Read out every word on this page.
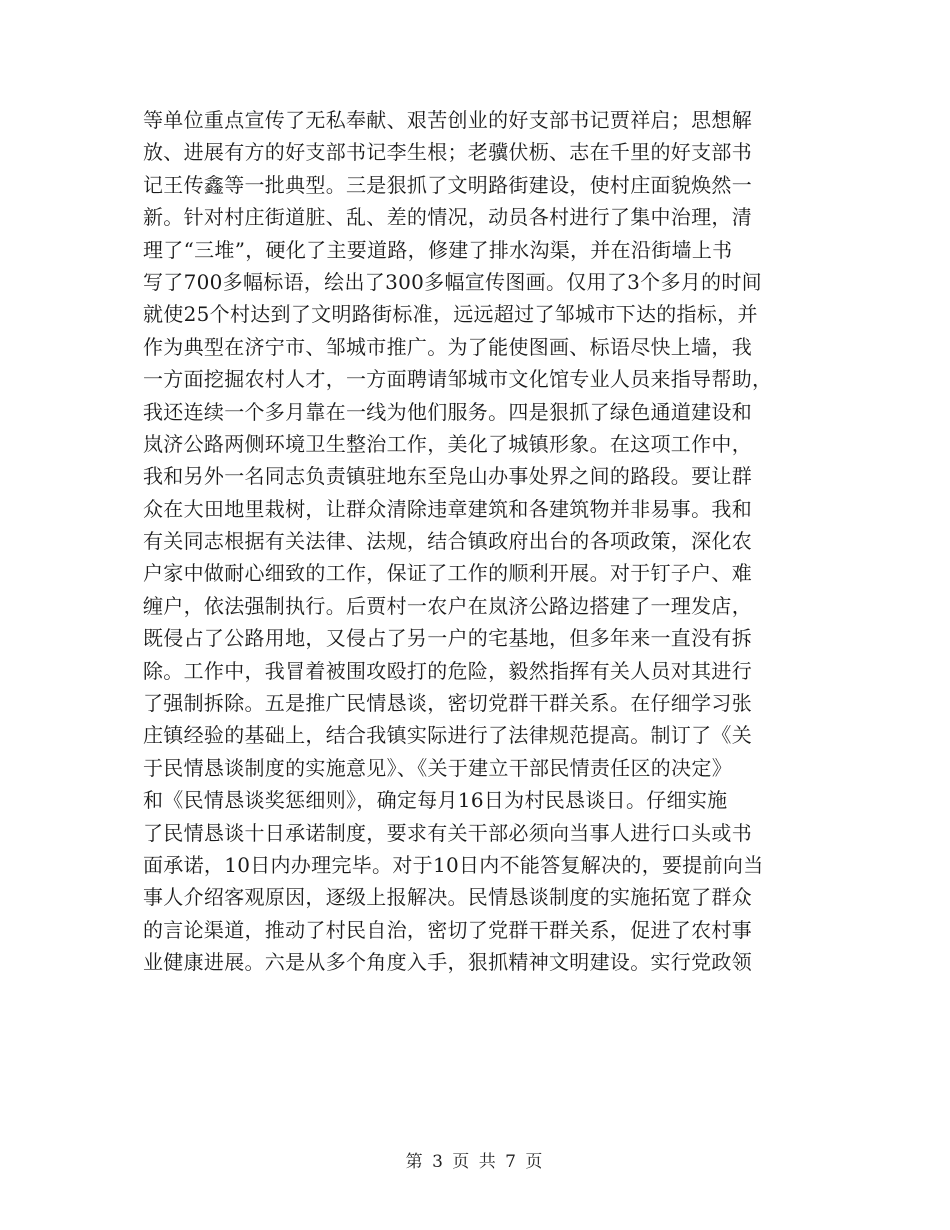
等单位重点宣传了无私奉献、艰苦创业的好支部书记贾祥启；思想解
放、进展有方的好支部书记李生根；老骥伏枥、志在千里的好支部书
记王传鑫等一批典型。三是狠抓了文明路街建设，使村庄面貌焕然一
新。针对村庄街道脏、乱、差的情况，动员各村进行了集中治理，清
理了“三堆”，硬化了主要道路，修建了排水沟渠，并在沿街墙上书
写了700多幅标语，绘出了300多幅宣传图画。仅用了3个多月的时间
就使25个村达到了文明路街标准，远远超过了邹城市下达的指标，并
作为典型在济宁市、邹城市推广。为了能使图画、标语尽快上墙，我
一方面挖掘农村人才，一方面聘请邹城市文化馆专业人员来指导帮助，
我还连续一个多月靠在一线为他们服务。四是狠抓了绿色通道建设和
岚济公路两侧环境卫生整治工作，美化了城镇形象。在这项工作中，
我和另外一名同志负责镇驻地东至凫山办事处界之间的路段。要让群
众在大田地里栽树，让群众清除违章建筑和各建筑物并非易事。我和
有关同志根据有关法律、法规，结合镇政府出台的各项政策，深化农
户家中做耐心细致的工作，保证了工作的顺利开展。对于钉子户、难
缠户，依法强制执行。后贾村一农户在岚济公路边搭建了一理发店，
既侵占了公路用地，又侵占了另一户的宅基地，但多年来一直没有拆
除。工作中，我冒着被围攻殴打的危险，毅然指挥有关人员对其进行
了强制拆除。五是推广民情恳谈，密切党群干群关系。在仔细学习张
庄镇经验的基础上，结合我镇实际进行了法律规范提高。制订了《关
于民情恳谈制度的实施意见》、《关于建立干部民情责任区的决定》
和《民情恳谈奖惩细则》，确定每月16日为村民恳谈日。仔细实施
了民情恳谈十日承诺制度，要求有关干部必须向当事人进行口头或书
面承诺，10日内办理完毕。对于10日内不能答复解决的，要提前向当
事人介绍客观原因，逐级上报解决。民情恳谈制度的实施拓宽了群众
的言论渠道，推动了村民自治，密切了党群干群关系，促进了农村事
业健康进展。六是从多个角度入手，狠抓精神文明建设。实行党政领
第 3 页 共 7 页
